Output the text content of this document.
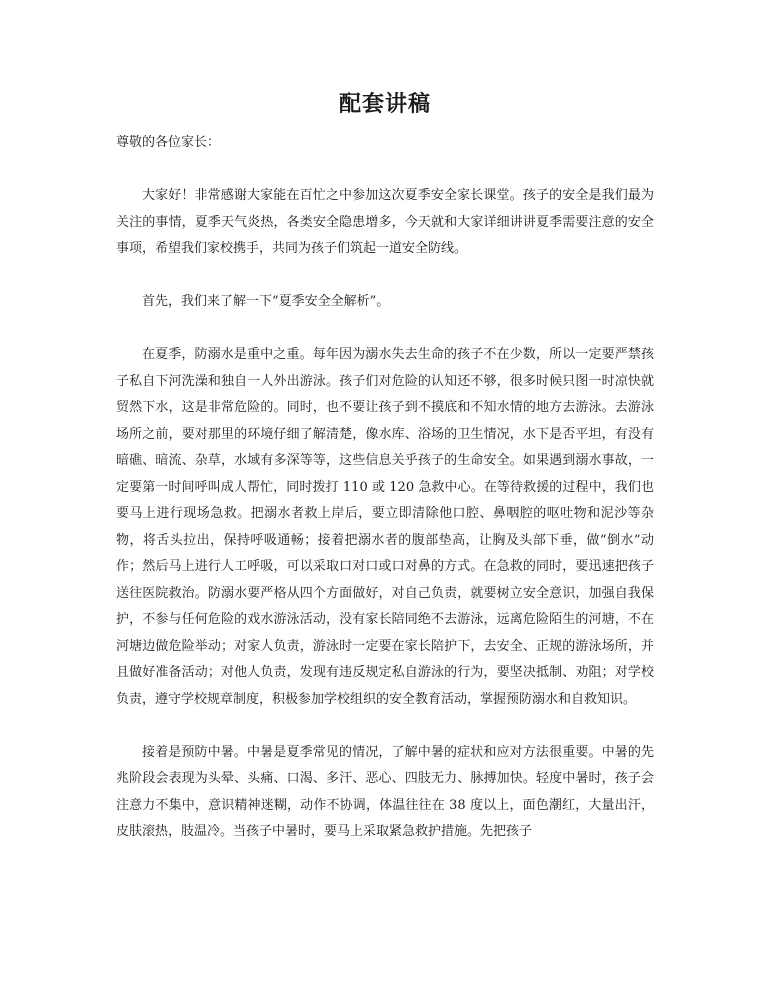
配套讲稿

尊敬的各位家长：

大家好！非常感谢大家能在百忙之中参加这次夏季安全家长课堂。孩子的安全是我们最为关注的事情，夏季天气炎热，各类安全隐患增多，今天就和大家详细讲讲夏季需要注意的安全事项，希望我们家校携手，共同为孩子们筑起一道安全防线。

首先，我们来了解一下“夏季安全全解析”。

在夏季，防溺水是重中之重。每年因为溺水失去生命的孩子不在少数，所以一定要严禁孩子私自下河洗澡和独自一人外出游泳。孩子们对危险的认知还不够，很多时候只图一时凉快就贸然下水，这是非常危险的。同时，也不要让孩子到不摸底和不知水情的地方去游泳。去游泳场所之前，要对那里的环境仔细了解清楚，像水库、浴场的卫生情况，水下是否平坦，有没有暗礁、暗流、杂草，水域有多深等等，这些信息关乎孩子的生命安全。如果遇到溺水事故，一定要第一时间呼叫成人帮忙，同时拨打 110 或 120 急救中心。在等待救援的过程中，我们也要马上进行现场急救。把溺水者救上岸后，要立即清除他口腔、鼻咽腔的呕吐物和泥沙等杂物，将舌头拉出，保持呼吸通畅；接着把溺水者的腹部垫高，让胸及头部下垂，做“倒水”动作；然后马上进行人工呼吸，可以采取口对口或口对鼻的方式。在急救的同时，要迅速把孩子送往医院救治。防溺水要严格从四个方面做好，对自己负责，就要树立安全意识，加强自我保护，不参与任何危险的戏水游泳活动，没有家长陪同绝不去游泳，远离危险陌生的河塘，不在河塘边做危险举动；对家人负责，游泳时一定要在家长陪护下，去安全、正规的游泳场所，并且做好准备活动；对他人负责，发现有违反规定私自游泳的行为，要坚决抵制、劝阻；对学校负责，遵守学校规章制度，积极参加学校组织的安全教育活动，掌握预防溺水和自救知识。

接着是预防中暑。中暑是夏季常见的情况，了解中暑的症状和应对方法很重要。中暑的先兆阶段会表现为头晕、头痛、口渴、多汗、恶心、四肢无力、脉搏加快。轻度中暑时，孩子会注意力不集中，意识精神迷糊，动作不协调，体温往往在 38 度以上，面色潮红，大量出汗，皮肤滚热，肢温冷。当孩子中暑时，要马上采取紧急救护措施。先把孩子
